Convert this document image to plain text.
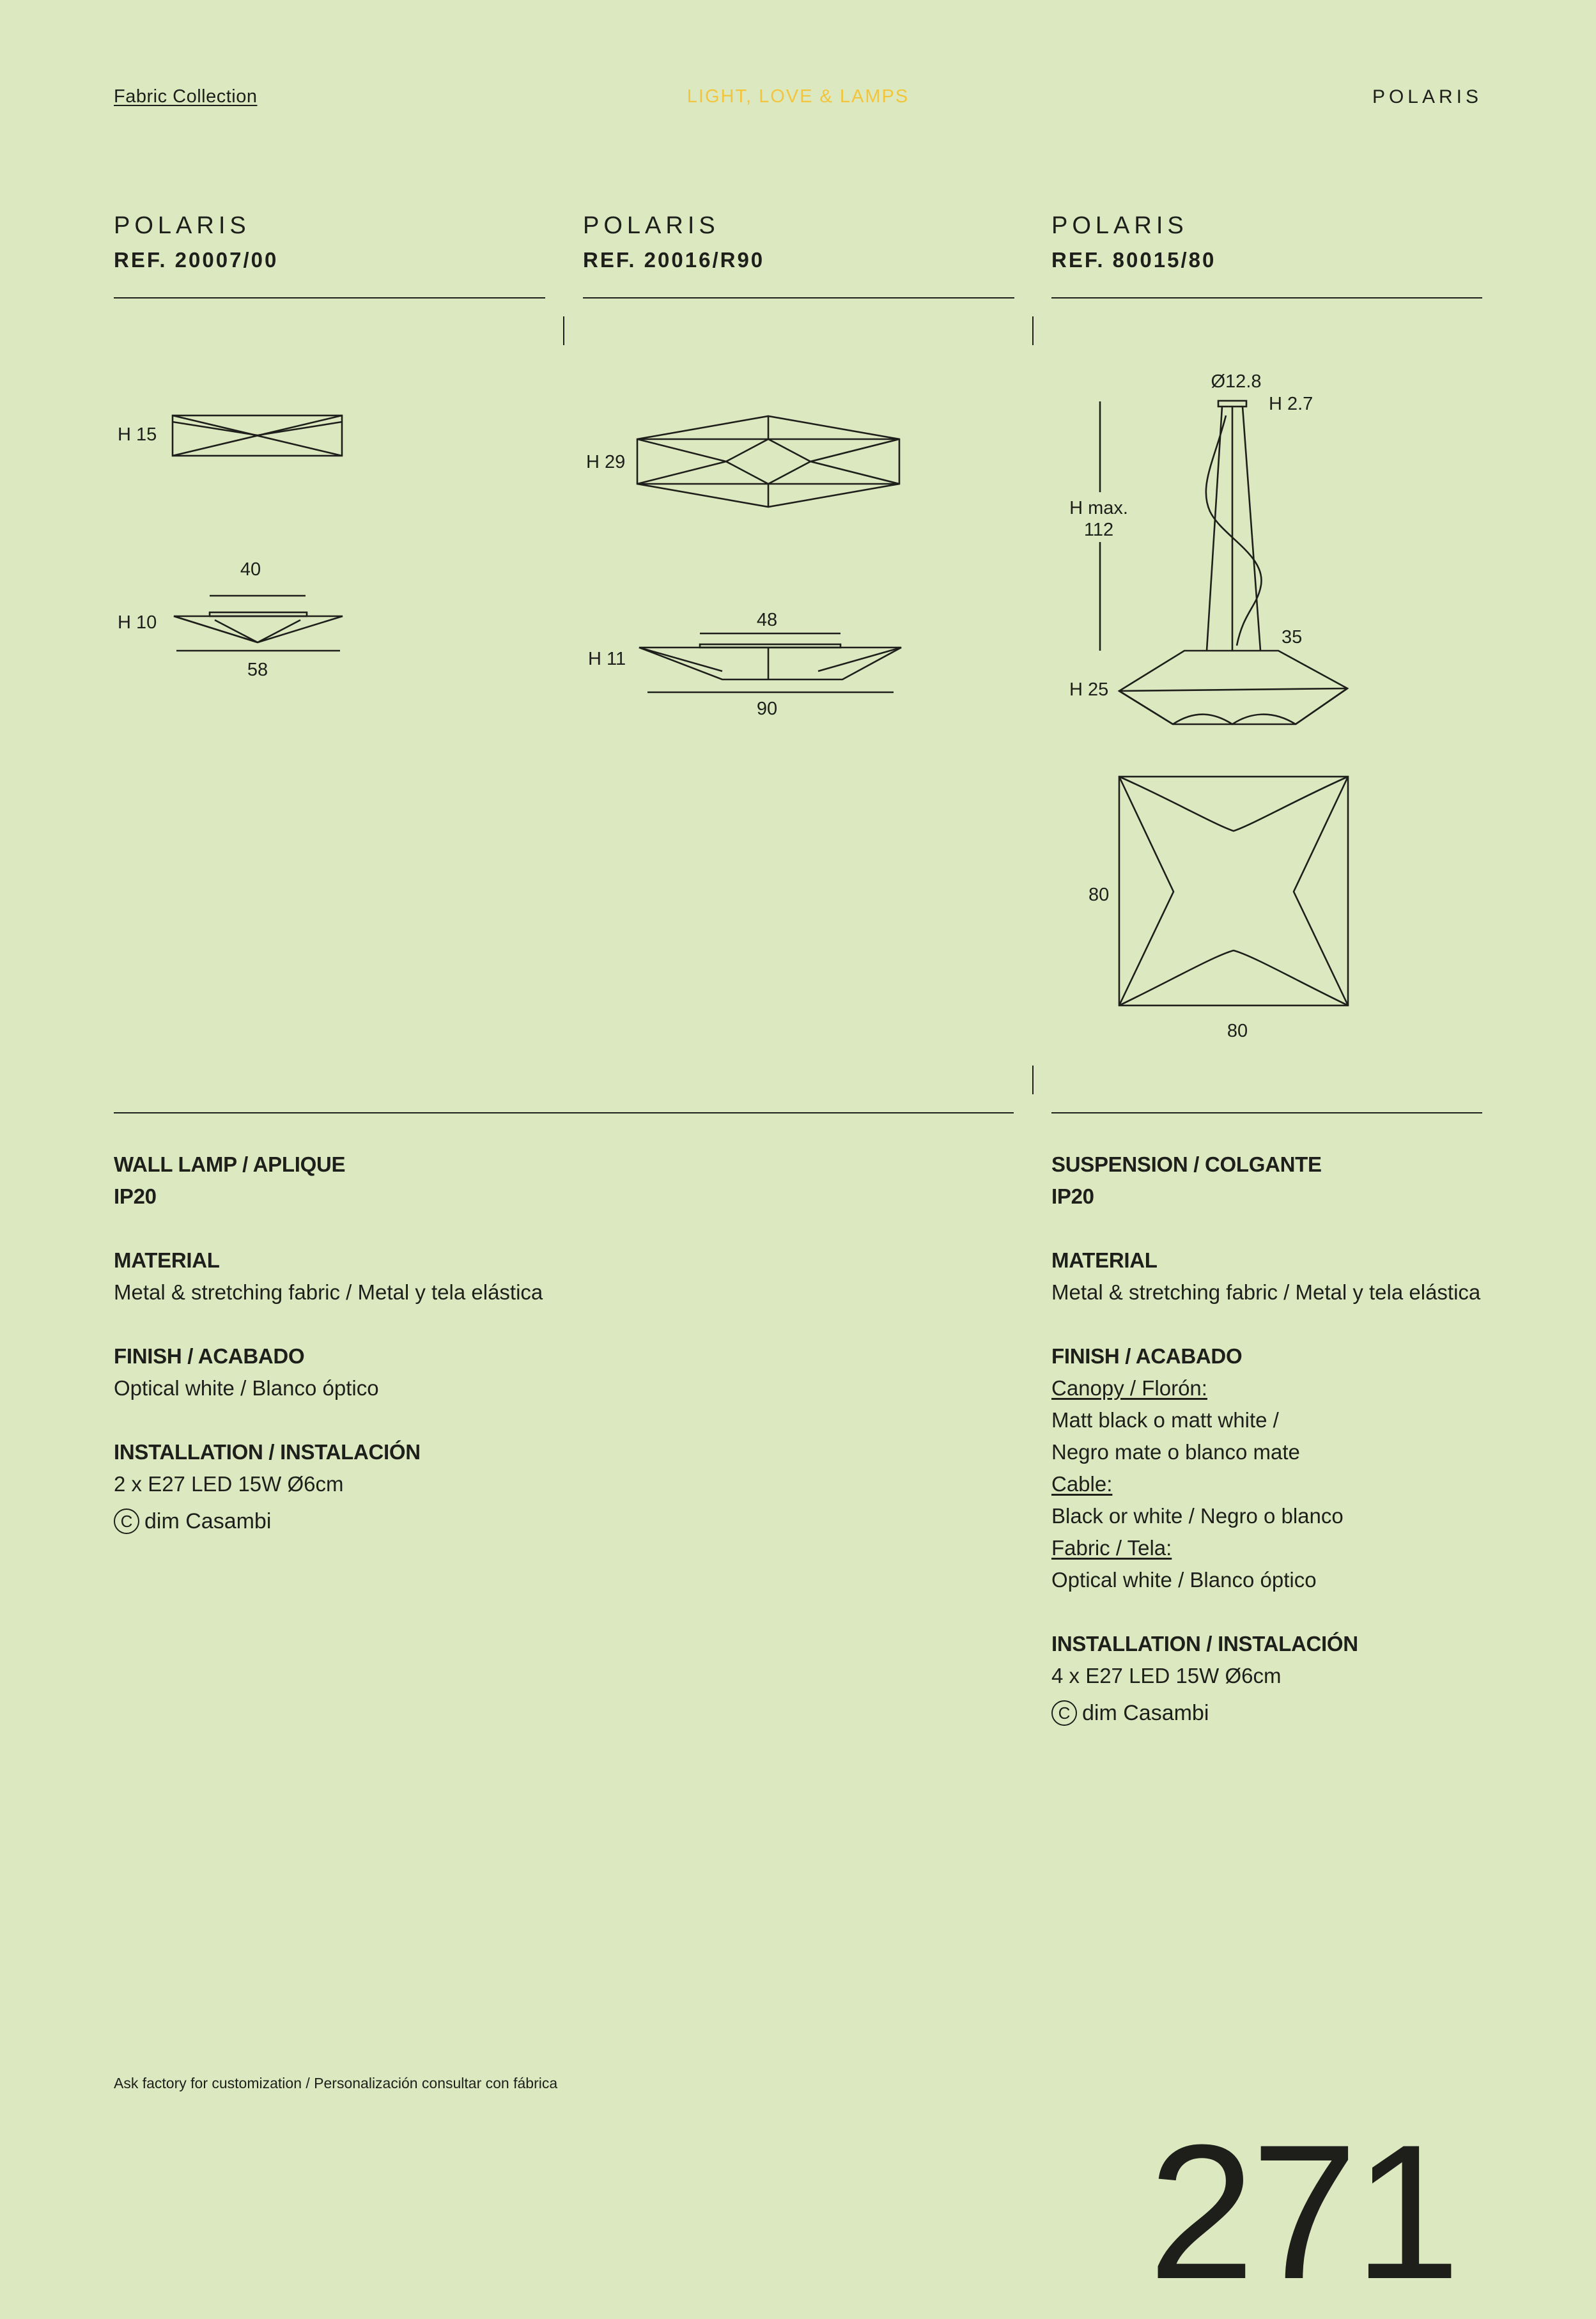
Fabric Collection	LIGHT, LOVE & LAMPS	POLARIS
POLARIS
REF. 20007/00
POLARIS
REF. 20016/R90
POLARIS
REF. 80015/80
H 15
40
H 10
58
H 29
48
H 11
90
Ø12.8
H 2.7
H max.
112
35
H 25
80
80
WALL LAMP / APLIQUE
IP20
MATERIAL
Metal & stretching fabric / Metal y tela elástica
FINISH / ACABADO
Optical white / Blanco óptico
INSTALLATION / INSTALACIÓN
2 x E27 LED 15W Ø6cm
C dim Casambi
SUSPENSION / COLGANTE
IP20
MATERIAL
Metal & stretching fabric / Metal y tela elástica
FINISH / ACABADO
Canopy / Florón:
Matt black o matt white /
Negro mate o blanco mate
Cable:
Black or white / Negro o blanco
Fabric / Tela:
Optical white / Blanco óptico
INSTALLATION / INSTALACIÓN
4 x E27 LED 15W Ø6cm
C dim Casambi
Ask factory for customization / Personalización consultar con fábrica
271
